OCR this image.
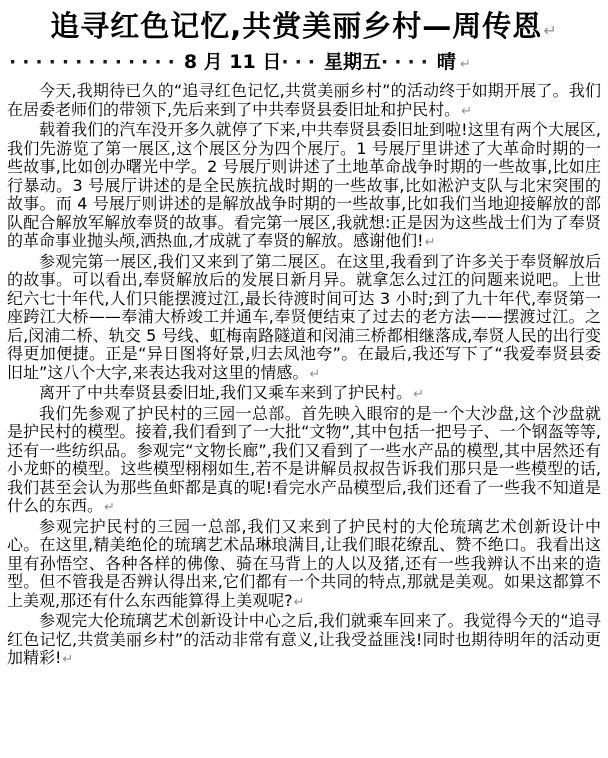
追寻红色记忆,共赏美丽乡村—周传恩↵
············· 8 月 11 日··· 星期五···· 晴 ↵

今天,我期待已久的“追寻红色记忆,共赏美丽乡村”的活动终于如期开展了。我们在居委老师们的带领下,先后来到了中共奉贤县委旧址和护民村。↵

载着我们的汽车没开多久就停了下来,中共奉贤县委旧址到啦!这里有两个大展区,我们先游览了第一展区,这个展区分为四个展厅。1 号展厅里讲述了大革命时期的一些故事,比如创办曙光中学。2 号展厅则讲述了土地革命战争时期的一些故事,比如庄行暴动。3 号展厅讲述的是全民族抗战时期的一些故事,比如淞沪支队与北宋突围的故事。而 4 号展厅则讲述的是解放战争时期的一些故事,比如我们当地迎接解放的部队配合解放军解放奉贤的故事。看完第一展区,我就想:正是因为这些战士们为了奉贤的革命事业抛头颅,洒热血,才成就了奉贤的解放。感谢他们!↵

参观完第一展区,我们又来到了第二展区。在这里,我看到了许多关于奉贤解放后的故事。可以看出,奉贤解放后的发展日新月异。就拿怎么过江的问题来说吧。上世纪六七十年代,人们只能摆渡过江,最长待渡时间可达 3 小时;到了九十年代,奉贤第一座跨江大桥——奉浦大桥竣工并通车,奉贤便结束了过去的老方法——摆渡过江。之后,闵浦二桥、轨交 5 号线、虹梅南路隧道和闵浦三桥都相继落成,奉贤人民的出行变得更加便捷。正是“异日图将好景,归去凤池夸”。在最后,我还写下了“我爱奉贤县委旧址”这八个大字,来表达我对这里的情感。↵

离开了中共奉贤县委旧址,我们又乘车来到了护民村。↵

我们先参观了护民村的三园一总部。首先映入眼帘的是一个大沙盘,这个沙盘就是护民村的模型。接着,我们看到了一大批“文物”,其中包括一把号子、一个钢盔等等,还有一些纺织品。参观完“文物长廊”,我们又看到了一些水产品的模型,其中居然还有小龙虾的模型。这些模型栩栩如生,若不是讲解员叔叔告诉我们那只是一些模型的话,我们甚至会认为那些鱼虾都是真的呢!看完水产品模型后,我们还看了一些我不知道是什么的东西。↵

参观完护民村的三园一总部,我们又来到了护民村的大伦琉璃艺术创新设计中心。在这里,精美绝伦的琉璃艺术品琳琅满目,让我们眼花缭乱、赞不绝口。我看出这里有孙悟空、各种各样的佛像、骑在马背上的人以及猪,还有一些我辨认不出来的造型。但不管我是否辨认得出来,它们都有一个共同的特点,那就是美观。如果这都算不上美观,那还有什么东西能算得上美观呢?↵

参观完大伦琉璃艺术创新设计中心之后,我们就乘车回来了。我觉得今天的“追寻红色记忆,共赏美丽乡村”的活动非常有意义,让我受益匪浅!同时也期待明年的活动更加精彩!↵
